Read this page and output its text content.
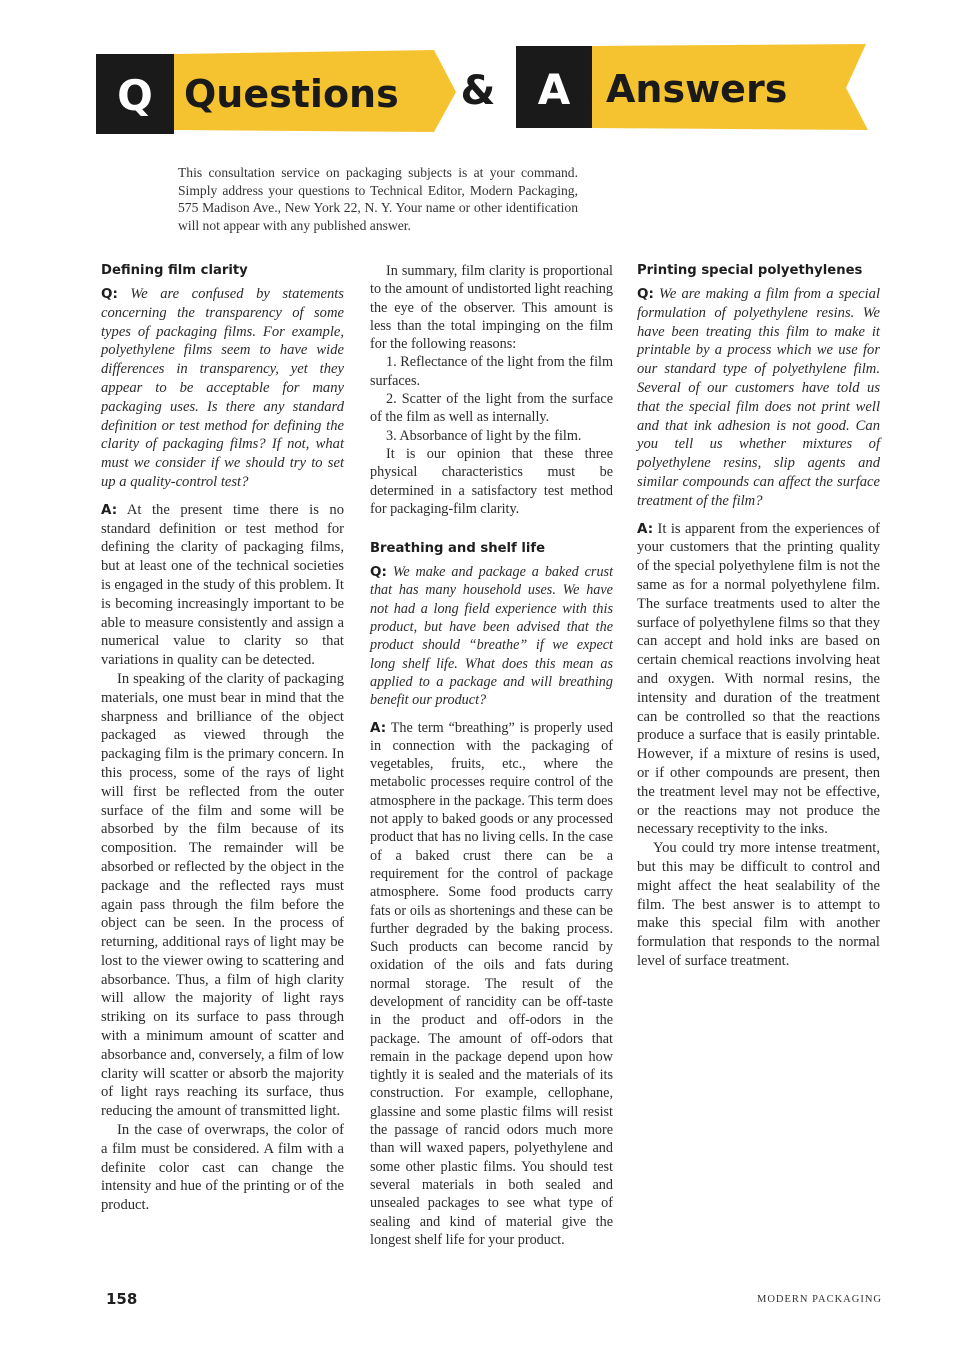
Q Questions & A Answers
This consultation service on packaging subjects is at your command. Simply address your questions to Technical Editor, Modern Packaging, 575 Madison Ave., New York 22, N. Y. Your name or other identification will not appear with any published answer.
Defining film clarity

Q: We are confused by statements concerning the transparency of some types of packaging films. For example, polyethylene films seem to have wide differences in transparency, yet they appear to be acceptable for many packaging uses. Is there any standard definition or test method for defining the clarity of packaging films? If not, what must we consider if we should try to set up a quality-control test?

A: At the present time there is no standard definition or test method for defining the clarity of packaging films, but at least one of the technical societies is engaged in the study of this problem. It is becoming increasingly important to be able to measure consistently and assign a numerical value to clarity so that variations in quality can be detected.

In speaking of the clarity of packaging materials, one must bear in mind that the sharpness and brilliance of the object packaged as viewed through the packaging film is the primary concern. In this process, some of the rays of light will first be reflected from the outer surface of the film and some will be absorbed by the film because of its composition. The remainder will be absorbed or reflected by the object in the package and the reflected rays must again pass through the film before the object can be seen. In the process of returning, additional rays of light may be lost to the viewer owing to scattering and absorbance. Thus, a film of high clarity will allow the majority of light rays striking on its surface to pass through with a minimum amount of scatter and absorbance and, conversely, a film of low clarity will scatter or absorb the majority of light rays reaching its surface, thus reducing the amount of transmitted light.

In the case of overwraps, the color of a film must be considered. A film with a definite color cast can change the intensity and hue of the printing or of the product.

In summary, film clarity is proportional to the amount of undistorted light reaching the eye of the observer. This amount is less than the total impinging on the film for the following reasons:

1. Reflectance of the light from the film surfaces.

2. Scatter of the light from the surface of the film as well as internally.

3. Absorbance of light by the film.

It is our opinion that these three physical characteristics must be determined in a satisfactory test method for packaging-film clarity.

Breathing and shelf life

Q: We make and package a baked crust that has many household uses. We have not had a long field experience with this product, but have been advised that the product should “breathe” if we expect long shelf life. What does this mean as applied to a package and will breathing benefit our product?

A: The term “breathing” is properly used in connection with the packaging of vegetables, fruits, etc., where the metabolic processes require control of the atmosphere in the package. This term does not apply to baked goods or any processed product that has no living cells. In the case of a baked crust there can be a requirement for the control of package atmosphere. Some food products carry fats or oils as shortenings and these can be further degraded by the baking process. Such products can become rancid by oxidation of the oils and fats during normal storage. The result of the development of rancidity can be off-taste in the product and off-odors in the package. The amount of off-odors that remain in the package depend upon how tightly it is sealed and the materials of its construction. For example, cellophane, glassine and some plastic films will resist the passage of rancid odors much more than will waxed papers, polyethylene and some other plastic films. You should test several materials in both sealed and unsealed packages to see what type of sealing and kind of material give the longest shelf life for your product.

Printing special polyethylenes

Q: We are making a film from a special formulation of polyethylene resins. We have been treating this film to make it printable by a process which we use for our standard type of polyethylene film. Several of our customers have told us that the special film does not print well and that ink adhesion is not good. Can you tell us whether mixtures of polyethylene resins, slip agents and similar compounds can affect the surface treatment of the film?

A: It is apparent from the experiences of your customers that the printing quality of the special polyethylene film is not the same as for a normal polyethylene film. The surface treatments used to alter the surface of polyethylene films so that they can accept and hold inks are based on certain chemical reactions involving heat and oxygen. With normal resins, the intensity and duration of the treatment can be controlled so that the reactions produce a surface that is easily printable. However, if a mixture of resins is used, or if other compounds are present, then the treatment level may not be effective, or the reactions may not produce the necessary receptivity to the inks.

You could try more intense treatment, but this may be difficult to control and might affect the heat sealability of the film. The best answer is to attempt to make this special film with another formulation that responds to the normal level of surface treatment.

158	MODERN PACKAGING
